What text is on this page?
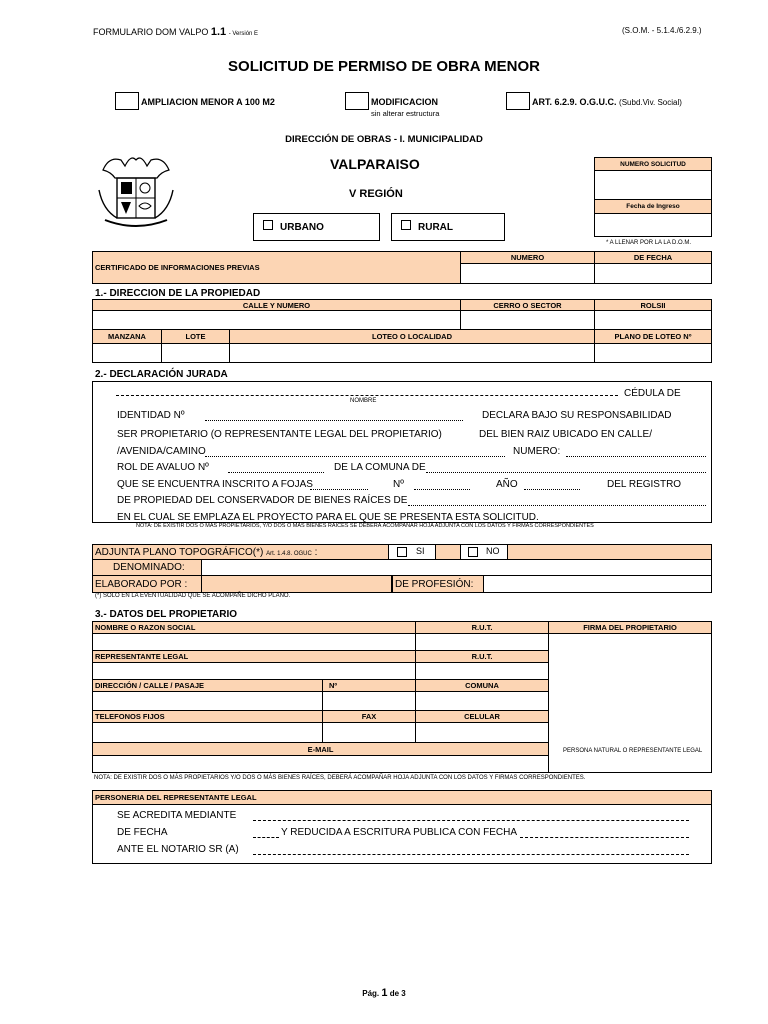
FORMULARIO DOM VALPO 1.1 - Versión E	(S.O.M. - 5.1.4./6.2.9.)
SOLICITUD DE PERMISO DE OBRA MENOR
AMPLIACION MENOR A 100 M2	MODIFICACION
sin alterar estructura
ART. 6.2.9. O.G.U.C. (Subd.Viv. Social)
DIRECCIÓN DE OBRAS - I. MUNICIPALIDAD
VALPARAISO
V REGIÓN
URBANO	RURAL
NUMERO SOLICITUD
Fecha de Ingreso
* A LLENAR POR LA LA D.O.M.
CERTIFICADO DE INFORMACIONES PREVIAS
NUMERO	DE FECHA
1.- DIRECCION DE LA PROPIEDAD
CALLE Y NUMERO	CERRO O SECTOR	ROLSII
MANZANA	LOTE	LOTEO O LOCALIDAD	PLANO DE LOTEO Nº
2.- DECLARACIÓN JURADA
NOMBRE
CÉDULA DE
IDENTIDAD Nº	DECLARA BAJO SU RESPONSABILIDAD
SER PROPIETARIO (O REPRESENTANTE LEGAL DEL PROPIETARIO)	DEL BIEN RAIZ UBICADO EN CALLE/
/AVENIDA/CAMINO	NUMERO:
ROL DE AVALUO Nº	DE LA COMUNA DE
QUE SE ENCUENTRA INSCRITO A FOJAS	Nº	AÑO	DEL REGISTRO
DE PROPIEDAD DEL CONSERVADOR DE BIENES RAÍCES DE
EN EL CUAL SE EMPLAZA EL PROYECTO PARA EL QUE SE PRESENTA ESTA SOLICITUD.
NOTA: DE EXISTIR DOS O MÁS PROPIETARIOS, Y/O DOS O MÁS BIENES RAÍCES SE DEBERÁ ACOMPAÑAR HOJA ADJUNTA CON LOS DATOS Y FIRMAS CORRESPONDIENTES
ADJUNTA PLANO TOPOGRÁFICO(*) Art. 1.4.8. OGUC :	SI	NO
DENOMINADO:
ELABORADO POR :	DE PROFESIÓN:
(*) SOLO EN LA EVENTUALIDAD QUE SE ACOMPAÑE DICHO PLANO.
3.- DATOS DEL PROPIETARIO
NOMBRE O RAZON SOCIAL	R.U.T.	FIRMA DEL PROPIETARIO
PERSONA NATURAL O REPRESENTANTE LEGAL
REPRESENTANTE LEGAL	R.U.T.
DIRECCIÓN / CALLE / PASAJE	Nº	COMUNA
TELEFONOS FIJOS	FAX	CELULAR
E-MAIL
NOTA: DE EXISTIR DOS O MÁS PROPIETARIOS Y/O DOS O MÁS BIENES RAÍCES, DEBERÁ ACOMPAÑAR HOJA ADJUNTA CON LOS DATOS Y FIRMAS CORRESPONDIENTES.
PERSONERIA DEL REPRESENTANTE LEGAL
SE ACREDITA MEDIANTE
DE FECHA	Y REDUCIDA A ESCRITURA PUBLICA CON FECHA
ANTE EL NOTARIO SR (A)
Pág. 1 de 3
